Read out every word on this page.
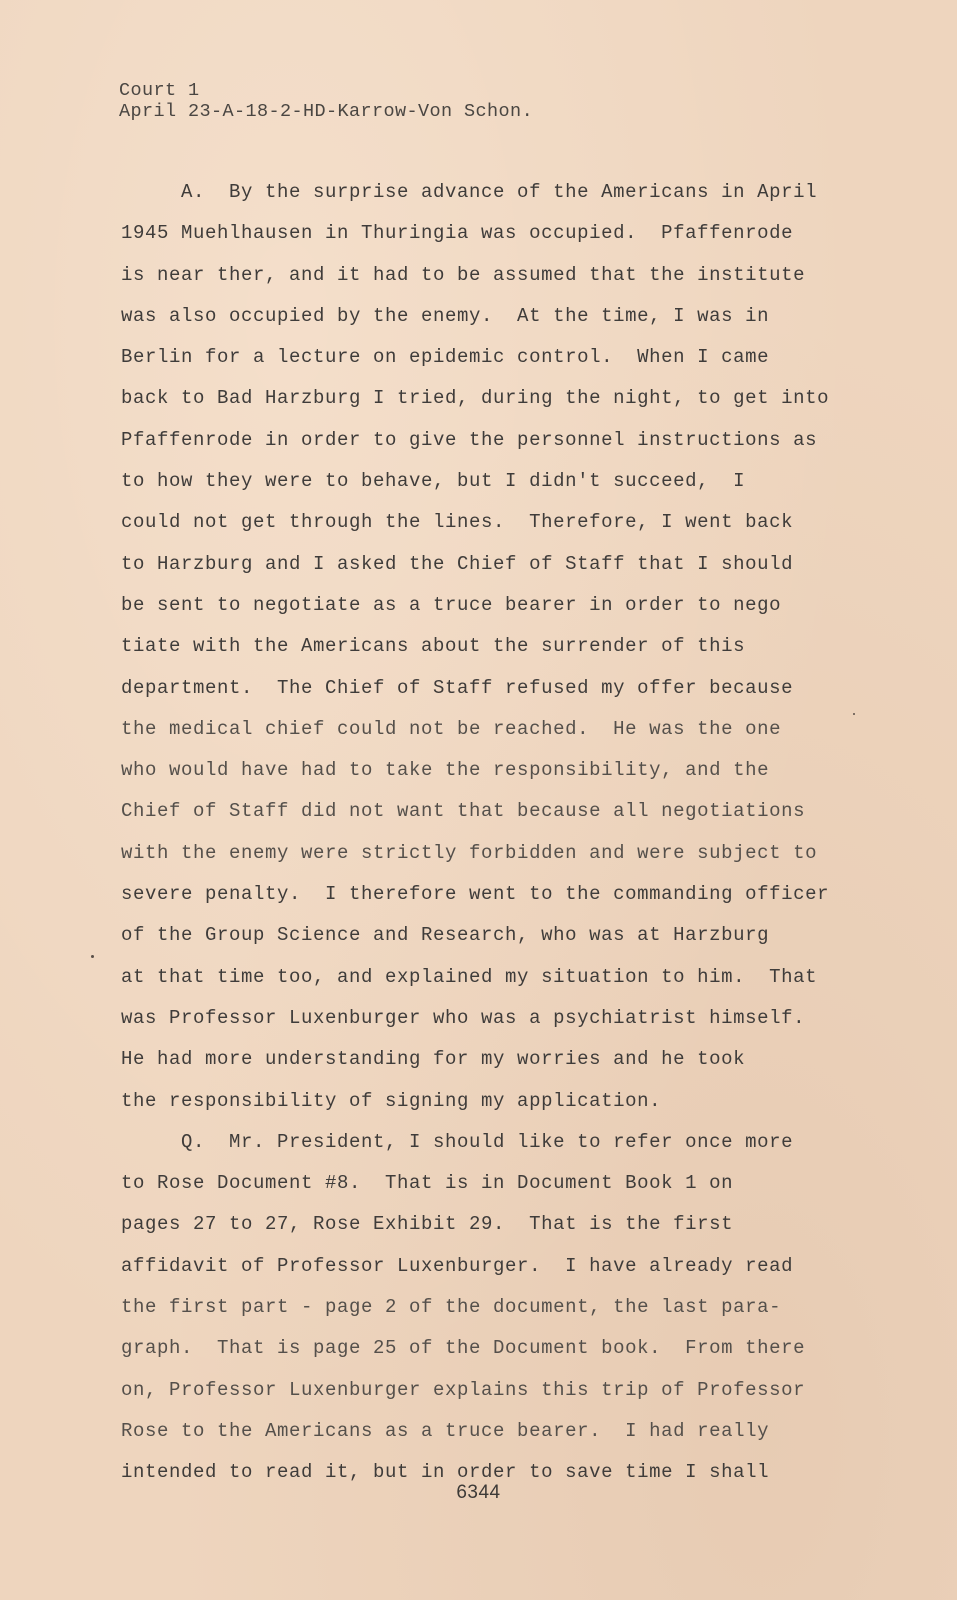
Court 1
April 23-A-18-2-HD-Karrow-Von Schon.
A.  By the surprise advance of the Americans in April
1945 Muehlhausen in Thuringia was occupied.  Pfaffenrode
is near ther, and it had to be assumed that the institute
was also occupied by the enemy.  At the time, I was in
Berlin for a lecture on epidemic control.  When I came
back to Bad Harzburg I tried, during the night, to get into
Pfaffenrode in order to give the personnel instructions as
to how they were to behave, but I didn't succeed,  I
could not get through the lines.  Therefore, I went back
to Harzburg and I asked the Chief of Staff that I should
be sent to negotiate as a truce bearer in order to nego
tiate with the Americans about the surrender of this
department.  The Chief of Staff refused my offer because
the medical chief could not be reached.  He was the one
who would have had to take the responsibility, and the
Chief of Staff did not want that because all negotiations
with the enemy were strictly forbidden and were subject to
severe penalty.  I therefore went to the commanding officer
of the Group Science and Research, who was at Harzburg
at that time too, and explained my situation to him.  That
was Professor Luxenburger who was a psychiatrist himself.
He had more understanding for my worries and he took
the responsibility of signing my application.
Q.  Mr. President, I should like to refer once more
to Rose Document #8.  That is in Document Book 1 on
pages 27 to 27, Rose Exhibit 29.  That is the first
affidavit of Professor Luxenburger.  I have already read
the first part - page 2 of the document, the last para-
graph.  That is page 25 of the Document book.  From there
on, Professor Luxenburger explains this trip of Professor
Rose to the Americans as a truce bearer.  I had really
intended to read it, but in order to save time I shall
6344
